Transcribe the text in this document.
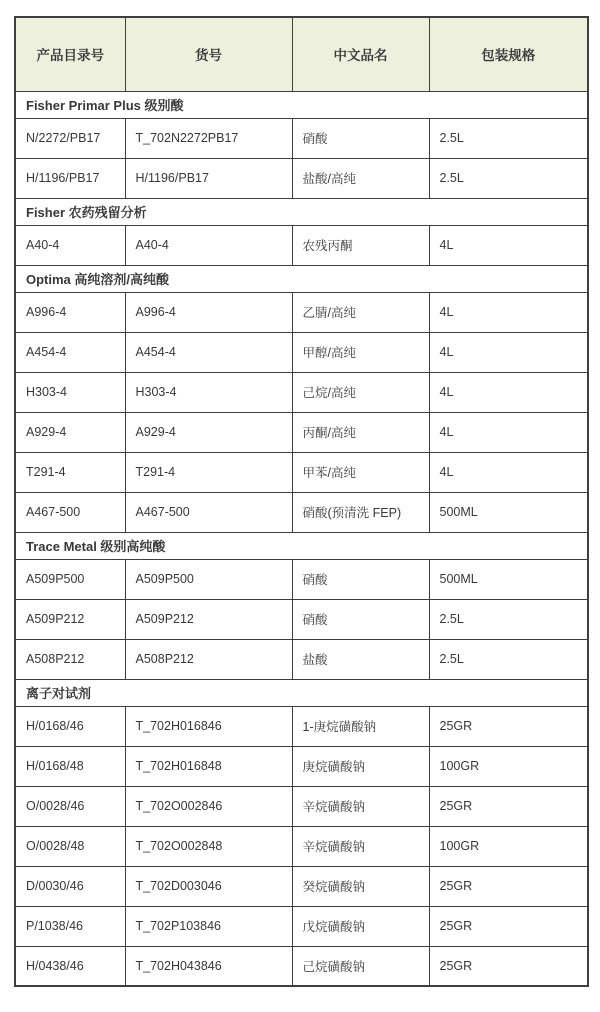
产品目录号	货号	中文品名	包装规格
Fisher Primar Plus 级别酸			
N/2272/PB17	T_702N2272PB17	硝酸	2.5L
H/1196/PB17	H/1196/PB17	盐酸/高纯	2.5L
Fisher 农药残留分析			
A40-4	A40-4	农残丙酮	4L
Optima 高纯溶剂/高纯酸			
A996-4	A996-4	乙腈/高纯	4L
A454-4	A454-4	甲醇/高纯	4L
H303-4	H303-4	己烷/高纯	4L
A929-4	A929-4	丙酮/高纯	4L
T291-4	T291-4	甲苯/高纯	4L
A467-500	A467-500	硝酸(预清洗 FEP)	500ML
Trace Metal 级别高纯酸			
A509P500	A509P500	硝酸	500ML
A509P212	A509P212	硝酸	2.5L
A508P212	A508P212	盐酸	2.5L
离子对试剂			
H/0168/46	T_702H016846	1-庚烷磺酸钠	25GR
H/0168/48	T_702H016848	庚烷磺酸钠	100GR
O/0028/46	T_702O002846	辛烷磺酸钠	25GR
O/0028/48	T_702O002848	辛烷磺酸钠	100GR
D/0030/46	T_702D003046	癸烷磺酸钠	25GR
P/1038/46	T_702P103846	戊烷磺酸钠	25GR
H/0438/46	T_702H043846	己烷磺酸钠	25GR
